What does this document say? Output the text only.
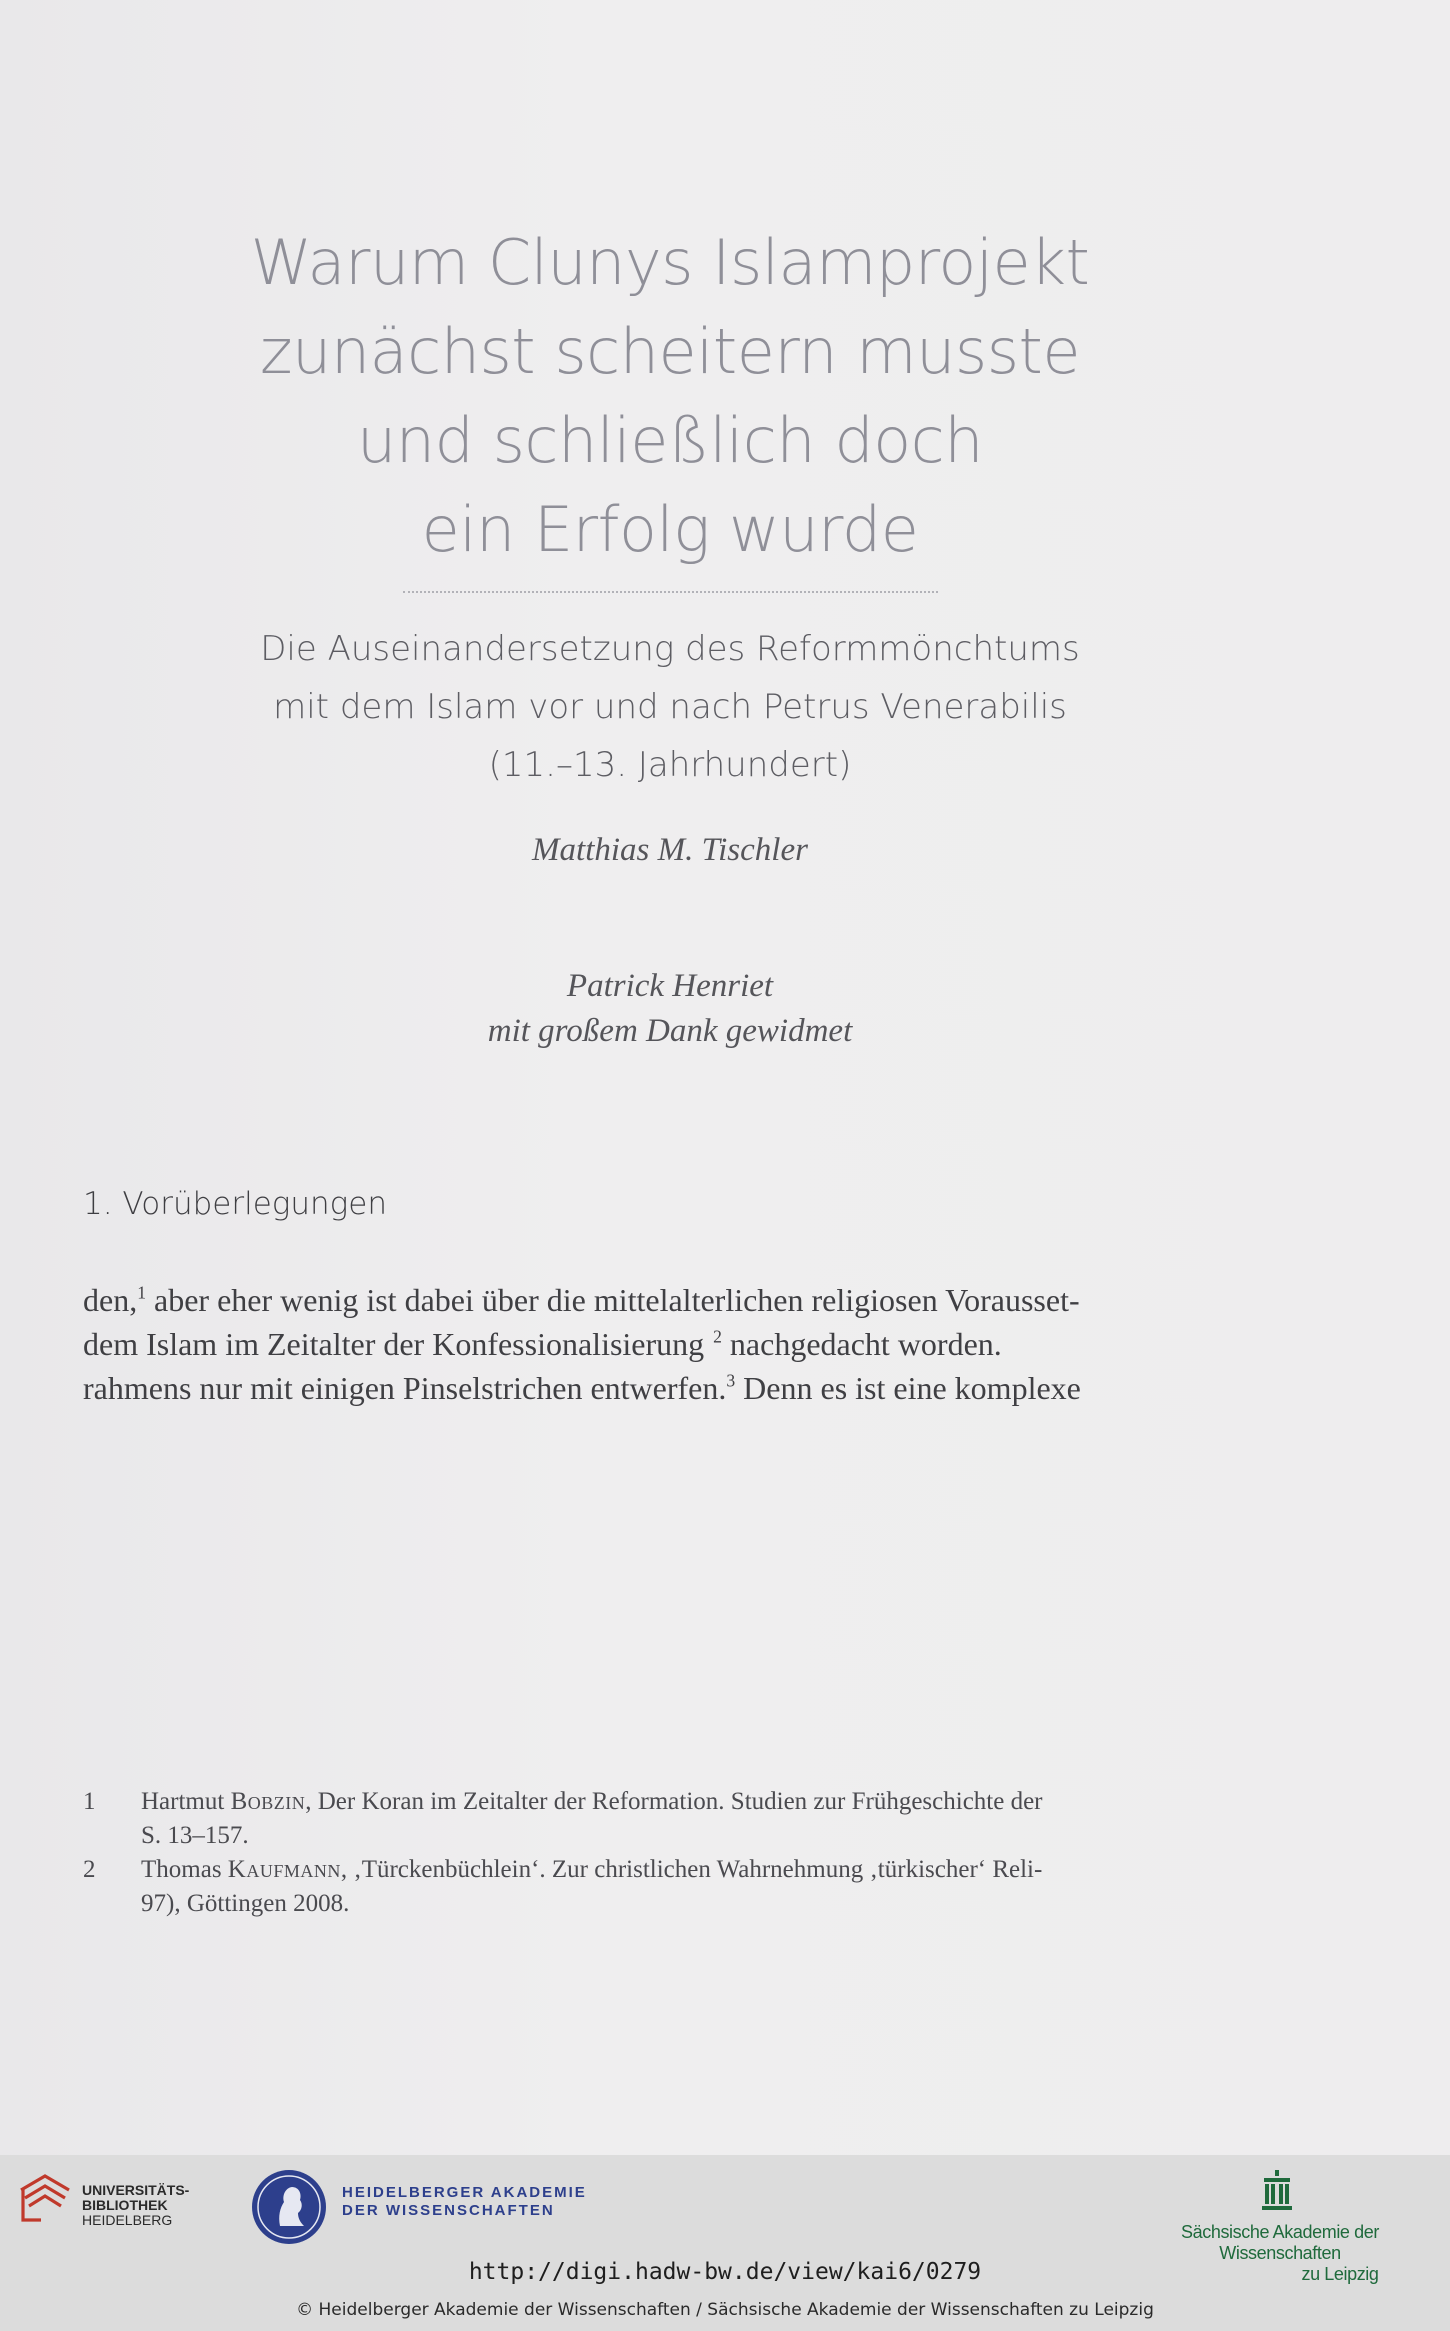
Warum Clunys Islamprojekt
zunächst scheitern musste
und schließlich doch
ein Erfolg wurde
Die Auseinandersetzung des Reformmönchtums
mit dem Islam vor und nach Petrus Venerabilis
(11.–13. Jahrhundert)
Matthias M. Tischler
Patrick Henriet
mit großem Dank gewidmet
1. Vorüberlegungen
den,$^1$ aber eher wenig ist dabei über die mittelalterlichen religiosen Vorausset-
dem Islam im Zeitalter der Konfessionalisierung $^2$ nachgedacht worden.
rahmens nur mit einigen Pinselstrichen entwerfen.$^3$ Denn es ist eine komplexe
1 Hartmut Bobzin, Der Koran im Zeitalter der Reformation. Studien zur Frühgeschichte der
S. 13–157.
2 Thomas Kaufmann, ‚Türckenbüchlein‘. Zur christlichen Wahrnehmung ‚türkischer‘ Reli-
97), Göttingen 2008.
UNIVERSITÄTS-
BIBLIOTHEK
HEIDELBERG
HEIDELBERGER AKADEMIE
DER WISSENSCHAFTEN
Sächsische Akademie der Wissenschaften
zu Leipzig
http://digi.hadw-bw.de/view/kai6/0279
© Heidelberger Akademie der Wissenschaften / Sächsische Akademie der Wissenschaften zu Leipzig
